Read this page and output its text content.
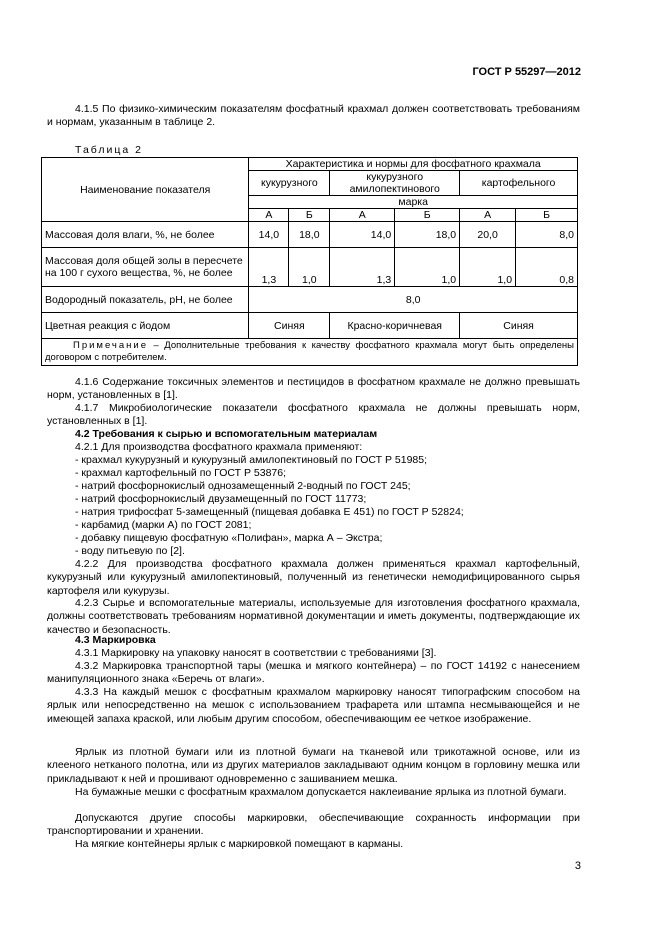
ГОСТ Р 55297—2012

4.1.5 По физико-химическим показателям фосфатный крахмал должен соответствовать требованиям и нормам, указанным в таблице 2.

Таблица 2
Наименование показателя	Характеристика и нормы для фосфатного крахмала					
	кукурузного		кукурузного амилопектинового		картофельного	
	марка					
	А	Б	А	Б	А	Б
Массовая доля влаги, %, не более	14,0	18,0	14,0	18,0	20,0	8,0
Массовая доля общей золы в пересчете на 100 г сухого вещества, %, не более	1,3	1,0	1,3	1,0	1,0	0,8
Водородный показатель, рН, не более	8,0					
Цветная реакция с йодом	Синяя		Красно-коричневая		Синяя	
Примечание – Дополнительные требования к качеству фосфатного крахмала могут быть определены договором с потребителем.						

4.1.6 Содержание токсичных элементов и пестицидов в фосфатном крахмале не должно превышать норм, установленных в [1].

4.1.7 Микробиологические показатели фосфатного крахмала не должны превышать норм, установленных в [1].

4.2 Требования к сырью и вспомогательным материалам

4.2.1 Для производства фосфатного крахмала применяют:

- крахмал кукурузный и кукурузный амилопектиновый по ГОСТ Р 51985;

- крахмал картофельный по ГОСТ Р 53876;

- натрий фосфорнокислый однозамещенный 2-водный по ГОСТ 245;

- натрий фосфорнокислый двузамещенный по ГОСТ 11773;

- натрия трифосфат 5-замещенный (пищевая добавка Е 451) по ГОСТ Р 52824;

- карбамид (марки А) по ГОСТ 2081;

- добавку пищевую фосфатную «Полифан», марка А – Экстра;

- воду питьевую по [2].

4.2.2 Для производства фосфатного крахмала должен применяться крахмал картофельный, кукурузный или кукурузный амилопектиновый, полученный из генетически немодифицированного сырья картофеля или кукурузы.

4.2.3 Сырье и вспомогательные материалы, используемые для изготовления фосфатного крахмала, должны соответствовать требованиям нормативной документации и иметь документы, подтверждающие их качество и безопасность.

4.3 Маркировка

4.3.1 Маркировку на упаковку наносят в соответствии с требованиями [3].

4.3.2 Маркировка транспортной тары (мешка и мягкого контейнера) – по ГОСТ 14192 с нанесением манипуляционного знака «Беречь от влаги».

4.3.3 На каждый мешок с фосфатным крахмалом маркировку наносят типографским способом на ярлык или непосредственно на мешок с использованием трафарета или штампа несмывающейся и не имеющей запаха краской, или любым другим способом, обеспечивающим ее четкое изображение.

Ярлык из плотной бумаги или из плотной бумаги на тканевой или трикотажной основе, или из клееного нетканого полотна, или из других материалов закладывают одним концом в горловину мешка или прикладывают к ней и прошивают одновременно с зашиванием мешка.

На бумажные мешки с фосфатным крахмалом допускается наклеивание ярлыка из плотной бумаги.

Допускаются другие способы маркировки, обеспечивающие сохранность информации при транспортировании и хранении.

На мягкие контейнеры ярлык с маркировкой помещают в карманы.

3
